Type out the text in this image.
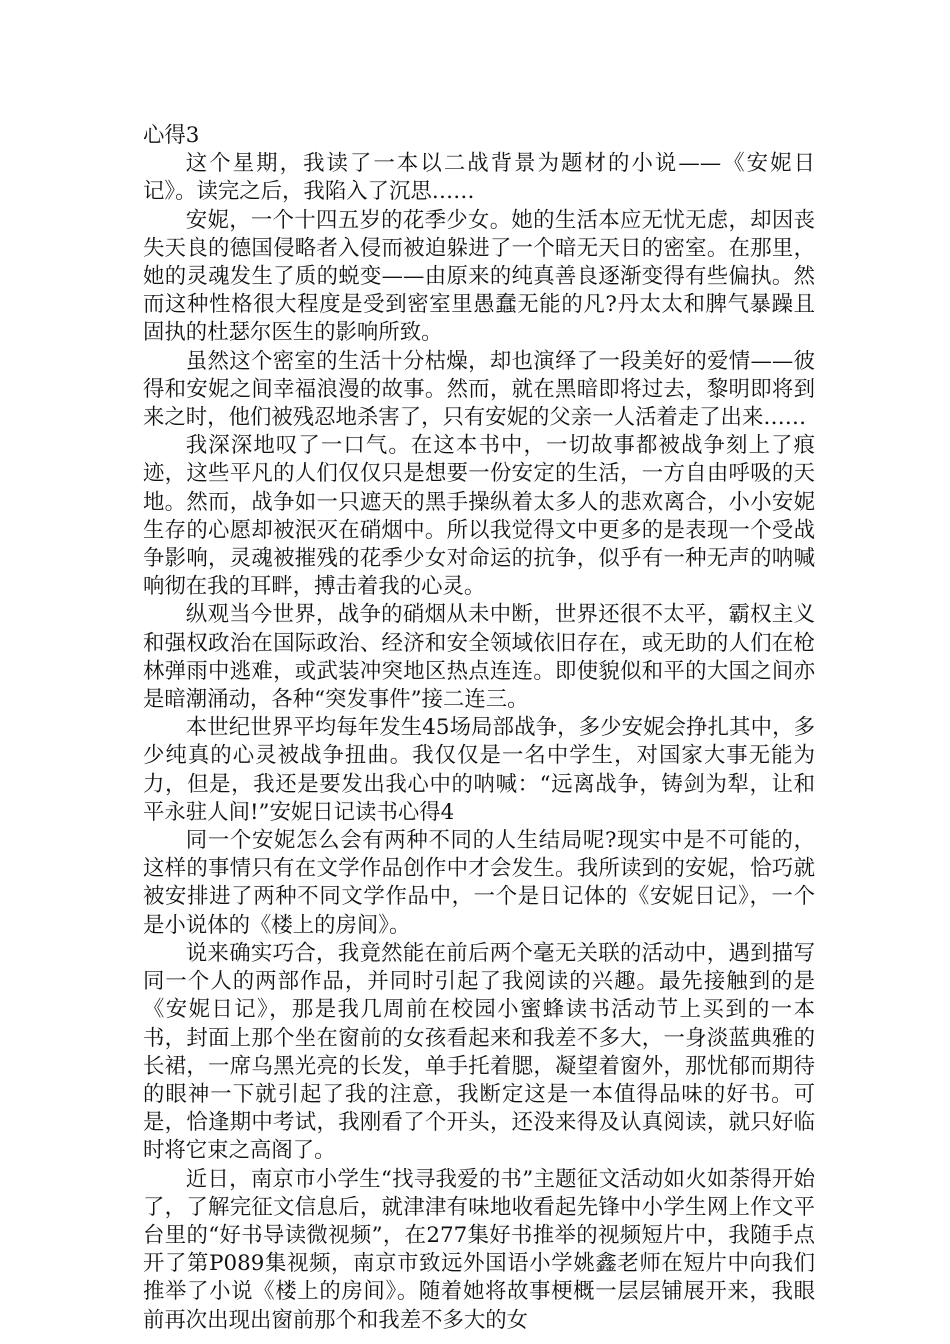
心得3

这个星期，我读了一本以二战背景为题材的小说——《安妮日记》。读完之后，我陷入了沉思……

安妮，一个十四五岁的花季少女。她的生活本应无忧无虑，却因丧失天良的德国侵略者入侵而被迫躲进了一个暗无天日的密室。在那里，她的灵魂发生了质的蜕变——由原来的纯真善良逐渐变得有些偏执。然而这种性格很大程度是受到密室里愚蠢无能的凡?丹太太和脾气暴躁且固执的杜瑟尔医生的影响所致。

虽然这个密室的生活十分枯燥，却也演绎了一段美好的爱情——彼得和安妮之间幸福浪漫的故事。然而，就在黑暗即将过去，黎明即将到来之时，他们被残忍地杀害了，只有安妮的父亲一人活着走了出来……

我深深地叹了一口气。在这本书中，一切故事都被战争刻上了痕迹，这些平凡的人们仅仅只是想要一份安定的生活，一方自由呼吸的天地。然而，战争如一只遮天的黑手操纵着太多人的悲欢离合，小小安妮生存的心愿却被泯灭在硝烟中。所以我觉得文中更多的是表现一个受战争影响，灵魂被摧残的花季少女对命运的抗争，似乎有一种无声的呐喊响彻在我的耳畔，搏击着我的心灵。

纵观当今世界，战争的硝烟从未中断，世界还很不太平，霸权主义和强权政治在国际政治、经济和安全领域依旧存在，或无助的人们在枪林弹雨中逃难，或武装冲突地区热点连连。即使貌似和平的大国之间亦是暗潮涌动，各种“突发事件”接二连三。

本世纪世界平均每年发生45场局部战争，多少安妮会挣扎其中，多少纯真的心灵被战争扭曲。我仅仅是一名中学生，对国家大事无能为力，但是，我还是要发出我心中的呐喊：“远离战争，铸剑为犁，让和平永驻人间!”安妮日记读书心得4

同一个安妮怎么会有两种不同的人生结局呢?现实中是不可能的，这样的事情只有在文学作品创作中才会发生。我所读到的安妮，恰巧就被安排进了两种不同文学作品中，一个是日记体的《安妮日记》，一个是小说体的《楼上的房间》。

说来确实巧合，我竟然能在前后两个毫无关联的活动中，遇到描写同一个人的两部作品，并同时引起了我阅读的兴趣。最先接触到的是《安妮日记》，那是我几周前在校园小蜜蜂读书活动节上买到的一本书，封面上那个坐在窗前的女孩看起来和我差不多大，一身淡蓝典雅的长裙，一席乌黑光亮的长发，单手托着腮，凝望着窗外，那忧郁而期待的眼神一下就引起了我的注意，我断定这是一本值得品味的好书。可是，恰逢期中考试，我刚看了个开头，还没来得及认真阅读，就只好临时将它束之高阁了。

近日，南京市小学生“找寻我爱的书”主题征文活动如火如荼得开始了，了解完征文信息后，就津津有味地收看起先锋中小学生网上作文平台里的“好书导读微视频”，在277集好书推举的视频短片中，我随手点开了第P089集视频，南京市致远外国语小学姚鑫老师在短片中向我们推举了小说《楼上的房间》。随着她将故事梗概一层层铺展开来，我眼前再次出现出窗前那个和我差不多大的女
